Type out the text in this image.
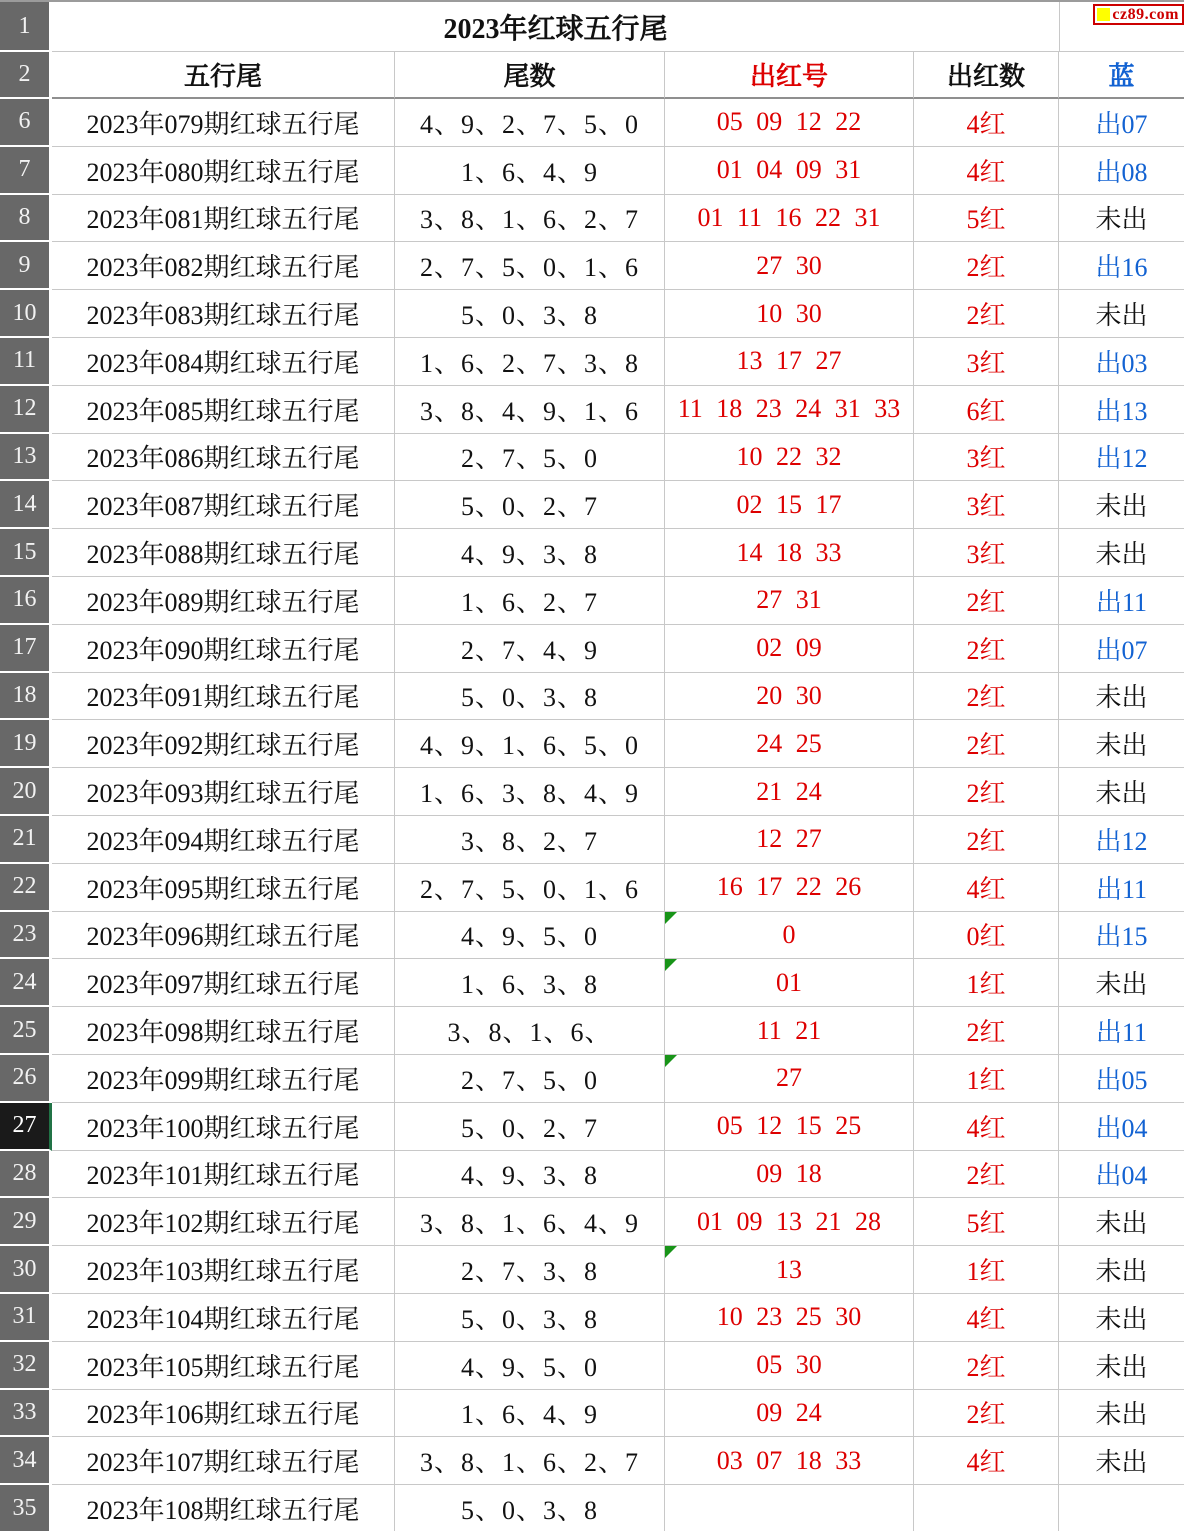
1	2023年红球五行尾	cz89.com
2	五行尾	尾数	出红号	出红数	蓝
6	2023年079期红球五行尾	4、9、2、7、5、0	05 09 12 22	4红	出07
7	2023年080期红球五行尾	1、6、4、9	01 04 09 31	4红	出08
8	2023年081期红球五行尾	3、8、1、6、2、7	01 11 16 22 31	5红	未出
9	2023年082期红球五行尾	2、7、5、0、1、6	27 30	2红	出16
10	2023年083期红球五行尾	5、0、3、8	10 30	2红	未出
11	2023年084期红球五行尾	1、6、2、7、3、8	13 17 27	3红	出03
12	2023年085期红球五行尾	3、8、4、9、1、6	11 18 23 24 31 33	6红	出13
13	2023年086期红球五行尾	2、7、5、0	10 22 32	3红	出12
14	2023年087期红球五行尾	5、0、2、7	02 15 17	3红	未出
15	2023年088期红球五行尾	4、9、3、8	14 18 33	3红	未出
16	2023年089期红球五行尾	1、6、2、7	27 31	2红	出11
17	2023年090期红球五行尾	2、7、4、9	02 09	2红	出07
18	2023年091期红球五行尾	5、0、3、8	20 30	2红	未出
19	2023年092期红球五行尾	4、9、1、6、5、0	24 25	2红	未出
20	2023年093期红球五行尾	1、6、3、8、4、9	21 24	2红	未出
21	2023年094期红球五行尾	3、8、2、7	12 27	2红	出12
22	2023年095期红球五行尾	2、7、5、0、1、6	16 17 22 26	4红	出11
23	2023年096期红球五行尾	4、9、5、0	0	0红	出15
24	2023年097期红球五行尾	1、6、3、8	01	1红	未出
25	2023年098期红球五行尾	3、8、1、6、	11 21	2红	出11
26	2023年099期红球五行尾	2、7、5、0	27	1红	出05
27	2023年100期红球五行尾	5、0、2、7	05 12 15 25	4红	出04
28	2023年101期红球五行尾	4、9、3、8	09 18	2红	出04
29	2023年102期红球五行尾	3、8、1、6、4、9	01 09 13 21 28	5红	未出
30	2023年103期红球五行尾	2、7、3、8	13	1红	未出
31	2023年104期红球五行尾	5、0、3、8	10 23 25 30	4红	未出
32	2023年105期红球五行尾	4、9、5、0	05 30	2红	未出
33	2023年106期红球五行尾	1、6、4、9	09 24	2红	未出
34	2023年107期红球五行尾	3、8、1、6、2、7	03 07 18 33	4红	未出
35	2023年108期红球五行尾	5、0、3、8
